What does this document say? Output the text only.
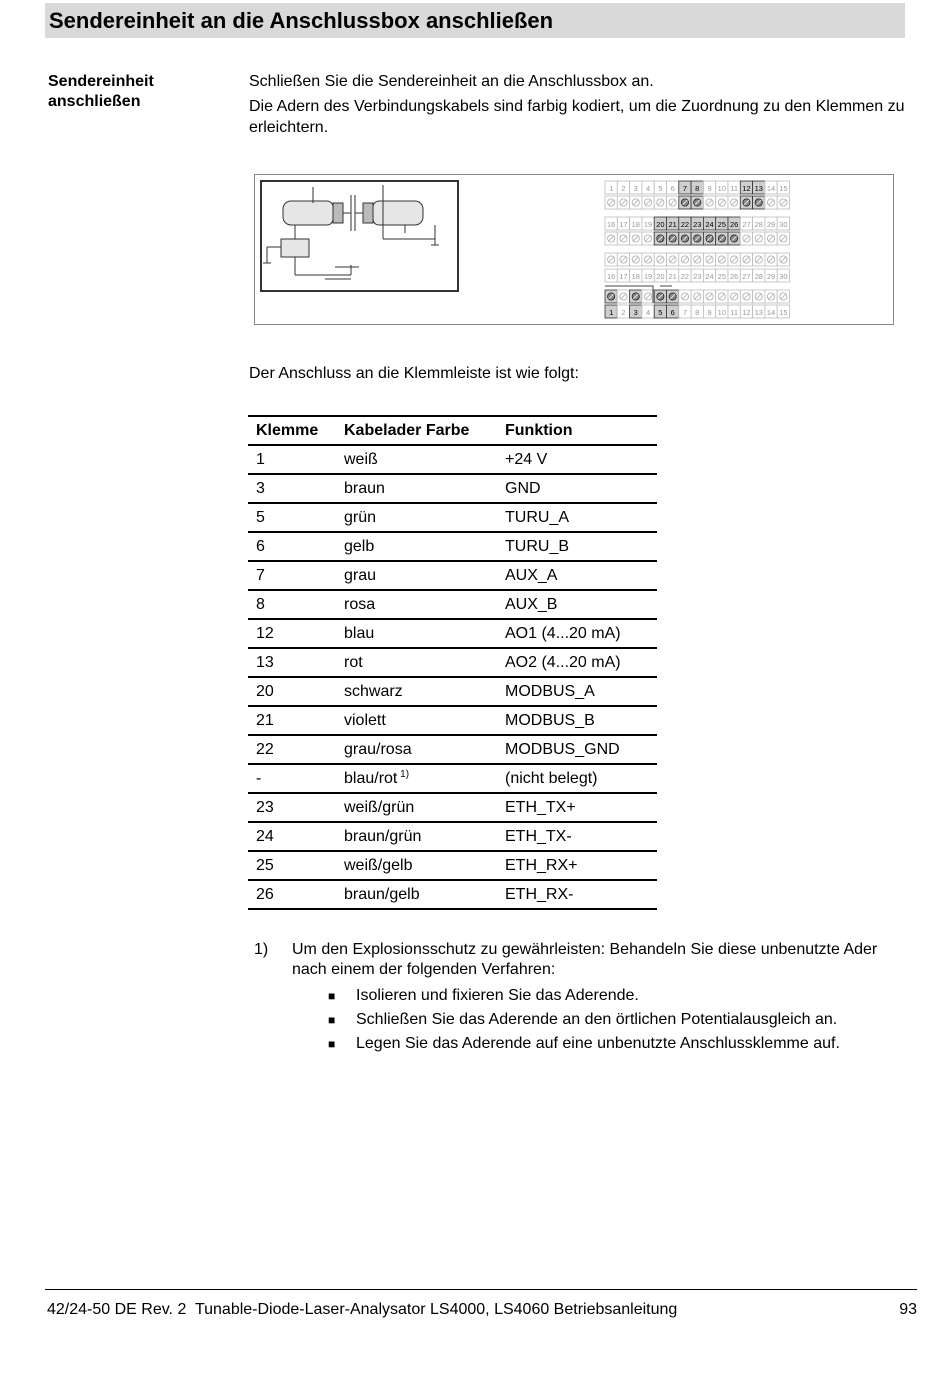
Sendereinheit an die Anschlussbox anschließen
Sendereinheit anschließen

Schließen Sie die Sendereinheit an die Anschlussbox an.

Die Adern des Verbindungskabels sind farbig kodiert, um die Zuordnung zu den Klemmen zu erleichtern.

1 2 3 4 5 6 7 8 9 10 11 12 13 14 15
16 17 18 19 20 21 22 23 24 25 26 27 28 29 30
16 17 18 19 20 21 22 23 24 25 26 27 28 29 30
1 2 3 4 5 6 7 8 9 10 11 12 13 14 15
Der Anschluss an die Klemmleiste ist wie folgt:
Klemme	Kabelader Farbe	Funktion
1	weiß	+24 V
3	braun	GND
5	grün	TURU_A
6	gelb	TURU_B
7	grau	AUX_A
8	rosa	AUX_B
12	blau	AO1 (4...20 mA)
13	rot	AO2 (4...20 mA)
20	schwarz	MODBUS_A
21	violett	MODBUS_B
22	grau/rosa	MODBUS_GND
-	blau/rot $^{1)}$	(nicht belegt)
23	weiß/grün	ETH_TX+
24	braun/grün	ETH_TX-
25	weiß/gelb	ETH_RX+
26	braun/gelb	ETH_RX-
1) Um den Explosionsschutz zu gewährleisten: Behandeln Sie diese unbenutzte Ader nach einem der folgenden Verfahren:
■ Isolieren und fixieren Sie das Aderende.
■ Schließen Sie das Aderende an den örtlichen Potentialausgleich an.
■ Legen Sie das Aderende auf eine unbenutzte Anschlussklemme auf.
42/24-50 DE Rev. 2  Tunable-Diode-Laser-Analysator LS4000, LS4060 Betriebsanleitung	93
